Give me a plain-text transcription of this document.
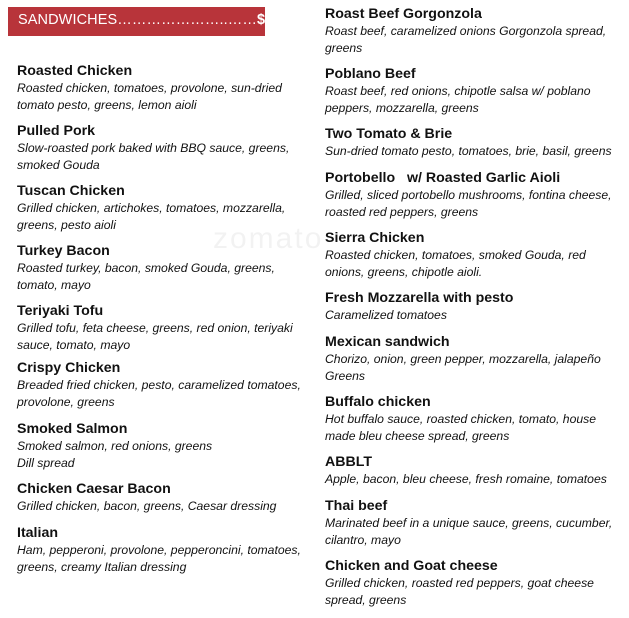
SANDWICHES…………………..……$6.16
zomato
Roasted Chicken
Roasted chicken, tomatoes, provolone, sun-dried tomato pesto, greens, lemon aioli
Pulled Pork
Slow-roasted pork baked with BBQ sauce, greens, smoked Gouda
Tuscan Chicken
Grilled chicken, artichokes, tomatoes, mozzarella, greens, pesto aioli
Turkey Bacon
Roasted turkey, bacon, smoked Gouda, greens, tomato, mayo
Teriyaki Tofu
Grilled tofu, feta cheese, greens, red onion, teriyaki sauce, tomato, mayo
Crispy Chicken
Breaded fried chicken, pesto, caramelized tomatoes, provolone, greens
Smoked Salmon
Smoked salmon, red onions, greens
Dill spread
Chicken Caesar Bacon
Grilled chicken, bacon, greens, Caesar dressing
Italian
Ham, pepperoni, provolone, pepperoncini, tomatoes, greens, creamy Italian dressing
Roast Beef Gorgonzola
Roast beef, caramelized onions Gorgonzola spread, greens
Poblano Beef
Roast beef, red onions, chipotle salsa w/ poblano peppers, mozzarella, greens
Two Tomato & Brie
Sun-dried tomato pesto, tomatoes, brie, basil, greens
Portobello   w/ Roasted Garlic Aioli
Grilled, sliced portobello mushrooms, fontina cheese, roasted red peppers, greens
Sierra Chicken
Roasted chicken, tomatoes, smoked Gouda, red onions, greens, chipotle aioli.
Fresh Mozzarella with pesto
Caramelized tomatoes
Mexican sandwich
Chorizo, onion, green pepper, mozzarella, jalapeño
Greens
Buffalo chicken
Hot buffalo sauce, roasted chicken, tomato, house made bleu cheese spread, greens
ABBLT
Apple, bacon, bleu cheese, fresh romaine, tomatoes
Thai beef
Marinated beef in a unique sauce, greens, cucumber, cilantro, mayo
Chicken and Goat cheese
Grilled chicken, roasted red peppers, goat cheese spread, greens
